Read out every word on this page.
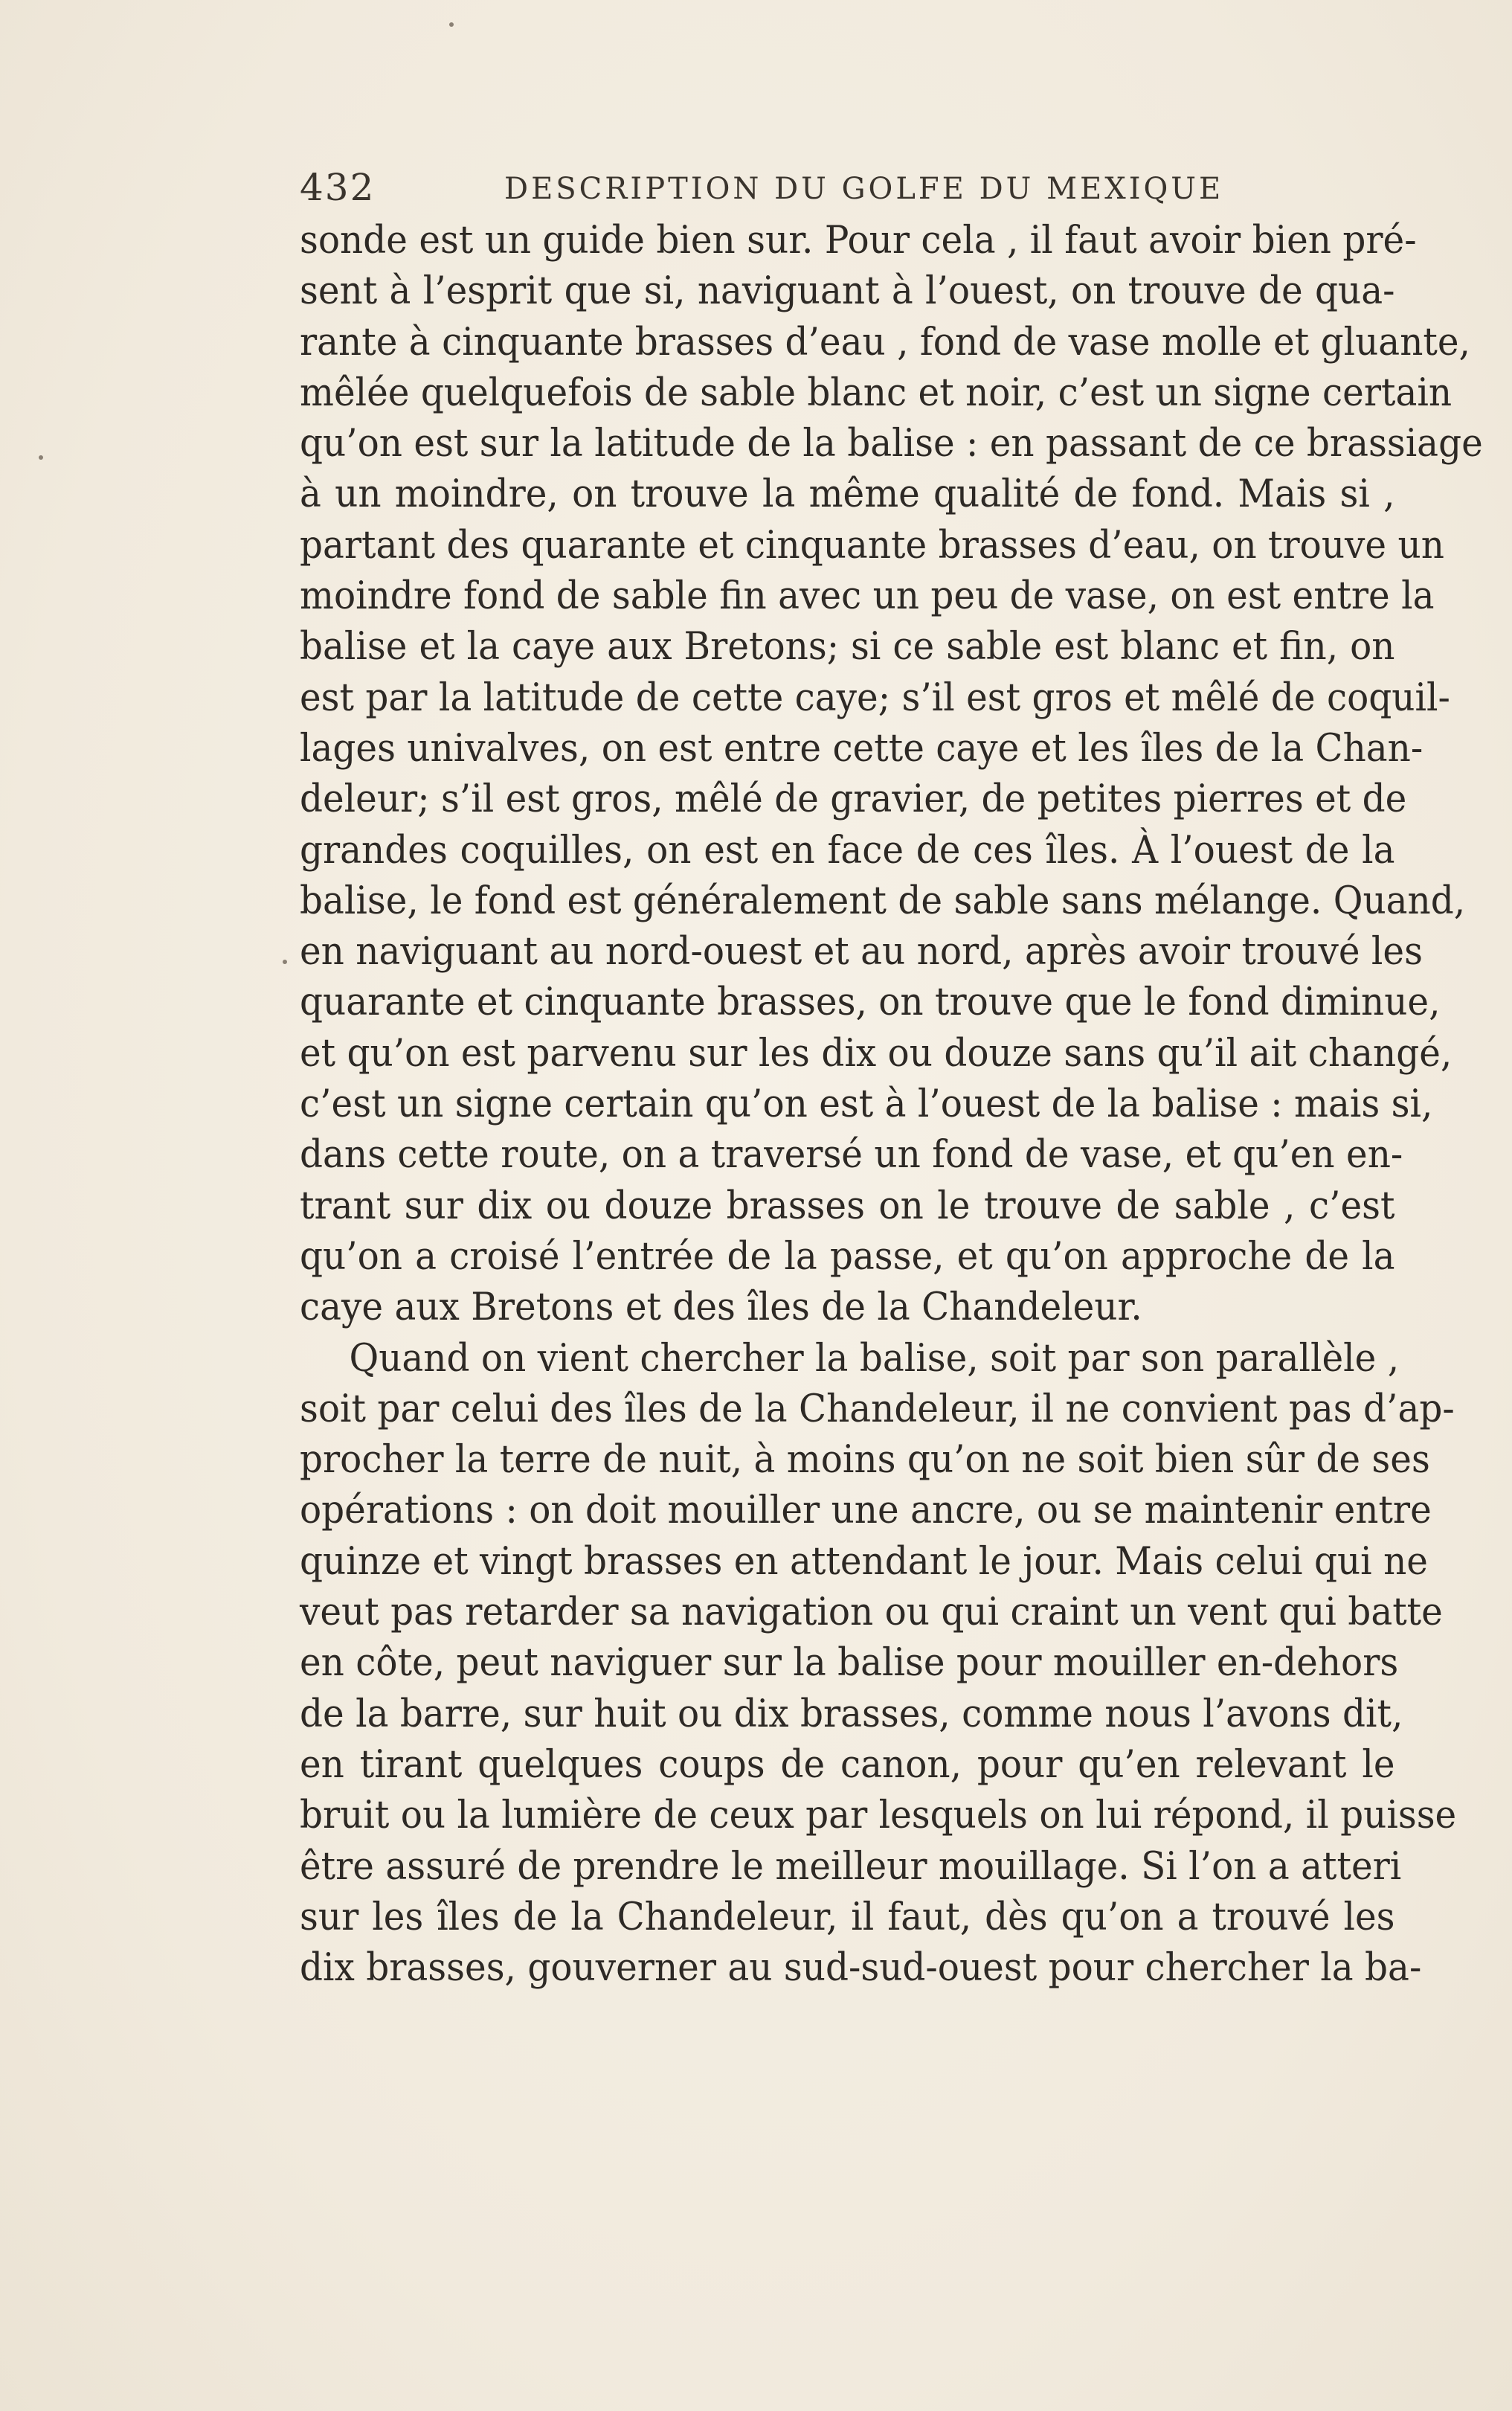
432	DESCRIPTION DU GOLFE DU MEXIQUE
sonde est un guide bien sur. Pour cela , il faut avoir bien pré-
sent à l’esprit que si, naviguant à l’ouest, on trouve de qua-
rante à cinquante brasses d’eau , fond de vase molle et gluante,
mêlée quelquefois de sable blanc et noir, c’est un signe certain
qu’on est sur la latitude de la balise : en passant de ce brassiage
à un moindre, on trouve la même qualité de fond. Mais si ,
partant des quarante et cinquante brasses d’eau, on trouve un
moindre fond de sable fin avec un peu de vase, on est entre la
balise et la caye aux Bretons; si ce sable est blanc et fin, on
est par la latitude de cette caye; s’il est gros et mêlé de coquil-
lages univalves, on est entre cette caye et les îles de la Chan-
deleur; s’il est gros, mêlé de gravier, de petites pierres et de
grandes coquilles, on est en face de ces îles. À l’ouest de la
balise, le fond est généralement de sable sans mélange. Quand,
en naviguant au nord-ouest et au nord, après avoir trouvé les
quarante et cinquante brasses, on trouve que le fond diminue,
et qu’on est parvenu sur les dix ou douze sans qu’il ait changé,
c’est un signe certain qu’on est à l’ouest de la balise : mais si,
dans cette route, on a traversé un fond de vase, et qu’en en-
trant sur dix ou douze brasses on le trouve de sable , c’est
qu’on a croisé l’entrée de la passe, et qu’on approche de la
caye aux Bretons et des îles de la Chandeleur.
Quand on vient chercher la balise, soit par son parallèle ,
soit par celui des îles de la Chandeleur, il ne convient pas d’ap-
procher la terre de nuit, à moins qu’on ne soit bien sûr de ses
opérations : on doit mouiller une ancre, ou se maintenir entre
quinze et vingt brasses en attendant le jour. Mais celui qui ne
veut pas retarder sa navigation ou qui craint un vent qui batte
en côte, peut naviguer sur la balise pour mouiller en-dehors
de la barre, sur huit ou dix brasses, comme nous l’avons dit,
en tirant quelques coups de canon, pour qu’en relevant le
bruit ou la lumière de ceux par lesquels on lui répond, il puisse
être assuré de prendre le meilleur mouillage. Si l’on a atteri
sur les îles de la Chandeleur, il faut, dès qu’on a trouvé les
dix brasses, gouverner au sud-sud-ouest pour chercher la ba-
